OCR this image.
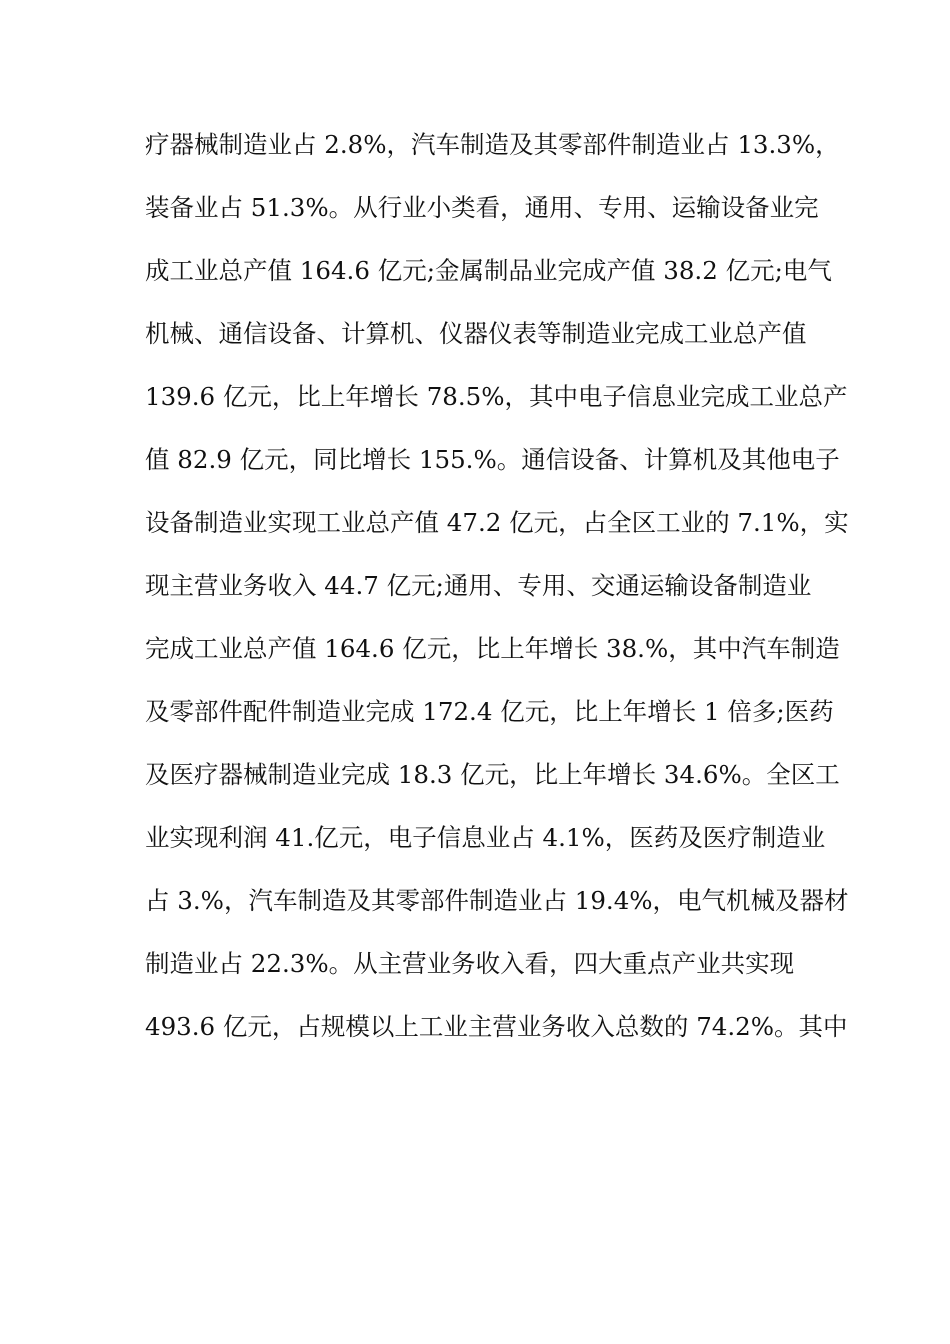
疗器械制造业占 2.8%，汽车制造及其零部件制造业占 13.3%，
装备业占 51.3%。从行业小类看，通用、专用、运输设备业完
成工业总产值 164.6 亿元;金属制品业完成产值 38.2 亿元;电气
机械、通信设备、计算机、仪器仪表等制造业完成工业总产值
139.6 亿元，比上年增长 78.5%，其中电子信息业完成工业总产
值 82.9 亿元，同比增长 155.%。通信设备、计算机及其他电子
设备制造业实现工业总产值 47.2 亿元，占全区工业的 7.1%，实
现主营业务收入 44.7 亿元;通用、专用、交通运输设备制造业
完成工业总产值 164.6 亿元，比上年增长 38.%，其中汽车制造
及零部件配件制造业完成 172.4 亿元，比上年增长 1 倍多;医药
及医疗器械制造业完成 18.3 亿元，比上年增长 34.6%。全区工
业实现利润 41.亿元，电子信息业占 4.1%，医药及医疗制造业
占 3.%，汽车制造及其零部件制造业占 19.4%，电气机械及器材
制造业占 22.3%。从主营业务收入看，四大重点产业共实现
493.6 亿元，占规模以上工业主营业务收入总数的 74.2%。其中
